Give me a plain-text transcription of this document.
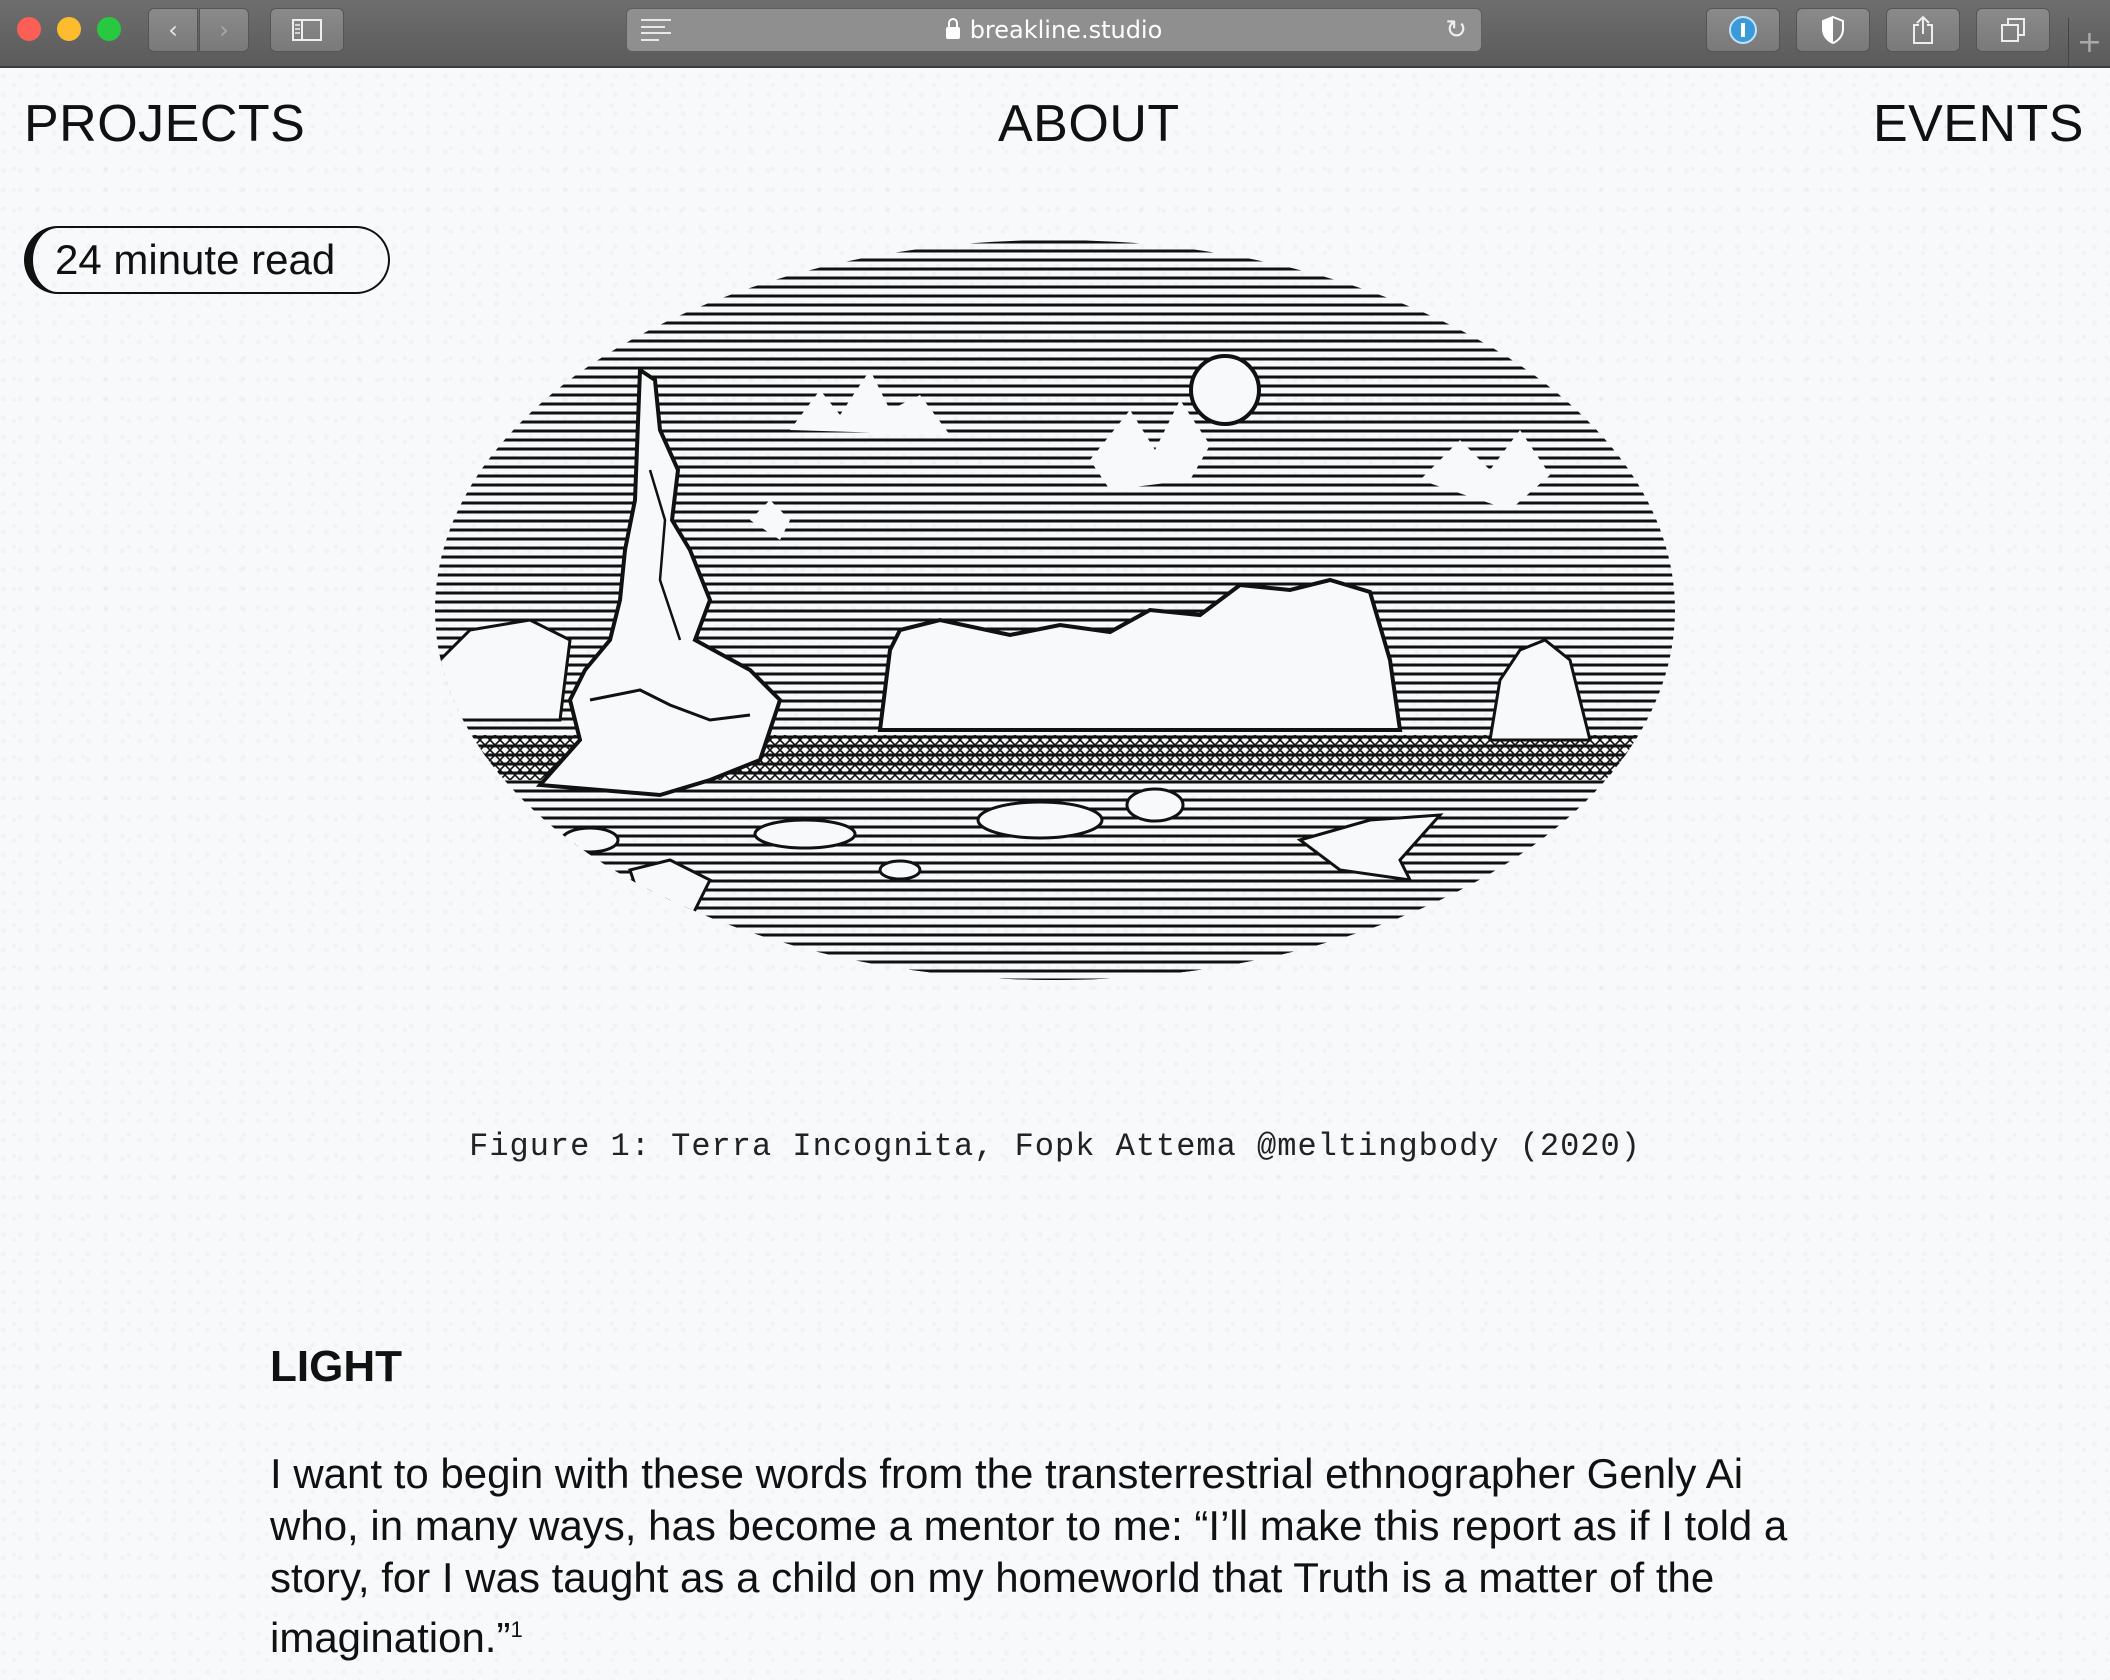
‹ ›	breakline.studio	↻	+
PROJECTS	ABOUT	EVENTS
24 minute read
Figure 1: Terra Incognita, Fopk Attema @meltingbody (2020)
LIGHT

I want to begin with these words from the transterrestrial ethnographer Genly Ai who, in many ways, has become a mentor to me: “I’ll make this report as if I told a story, for I was taught as a child on my homeworld that Truth is a matter of the imagination.”$^1$
